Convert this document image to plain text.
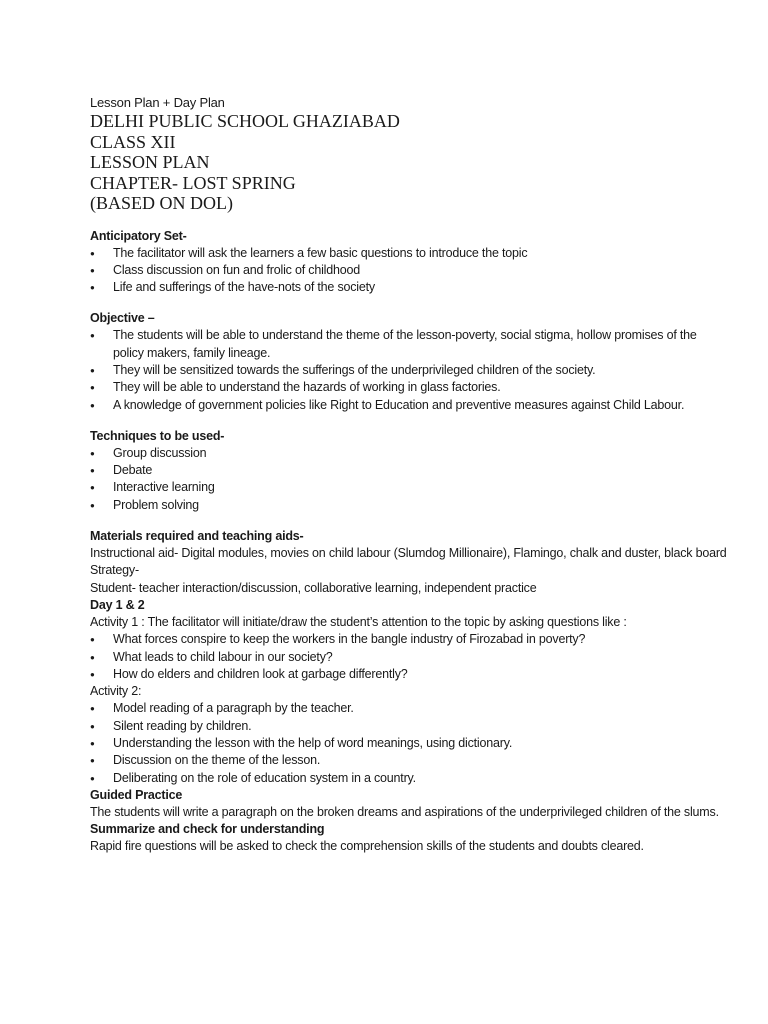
Lesson Plan + Day Plan

DELHI PUBLIC SCHOOL GHAZIABAD

CLASS XII

LESSON PLAN

CHAPTER- LOST SPRING

(BASED ON DOL)

Anticipatory Set-

● The facilitator will ask the learners a few basic questions to introduce the topic
● Class discussion on fun and frolic of childhood
● Life and sufferings of the have-nots of the society

Objective –

● The students will be able to understand the theme of the lesson-poverty, social stigma, hollow promises of the policy makers, family lineage.
● They will be sensitized towards the sufferings of the underprivileged children of the society.
● They will be able to understand the hazards of working in glass factories.
● A knowledge of government policies like Right to Education and preventive measures against Child Labour.

Techniques to be used-

● Group discussion
● Debate
● Interactive learning
● Problem solving

Materials required and teaching aids-

Instructional aid- Digital modules, movies on child labour (Slumdog Millionaire), Flamingo, chalk and duster, black board

Strategy-

Student- teacher interaction/discussion, collaborative learning, independent practice

Day 1 & 2

Activity 1 : The facilitator will initiate/draw the student’s attention to the topic by asking questions like :

● What forces conspire to keep the workers in the bangle industry of Firozabad in poverty?
● What leads to child labour in our society?
● How do elders and children look at garbage differently?

Activity 2:

● Model reading of a paragraph by the teacher.
● Silent reading by children.
● Understanding the lesson with the help of word meanings, using dictionary.
● Discussion on the theme of the lesson.
● Deliberating on the role of education system in a country.

Guided Practice

The students will write a paragraph on the broken dreams and aspirations of the underprivileged children of the slums.

Summarize and check for understanding

Rapid fire questions will be asked to check the comprehension skills of the students and doubts cleared.
